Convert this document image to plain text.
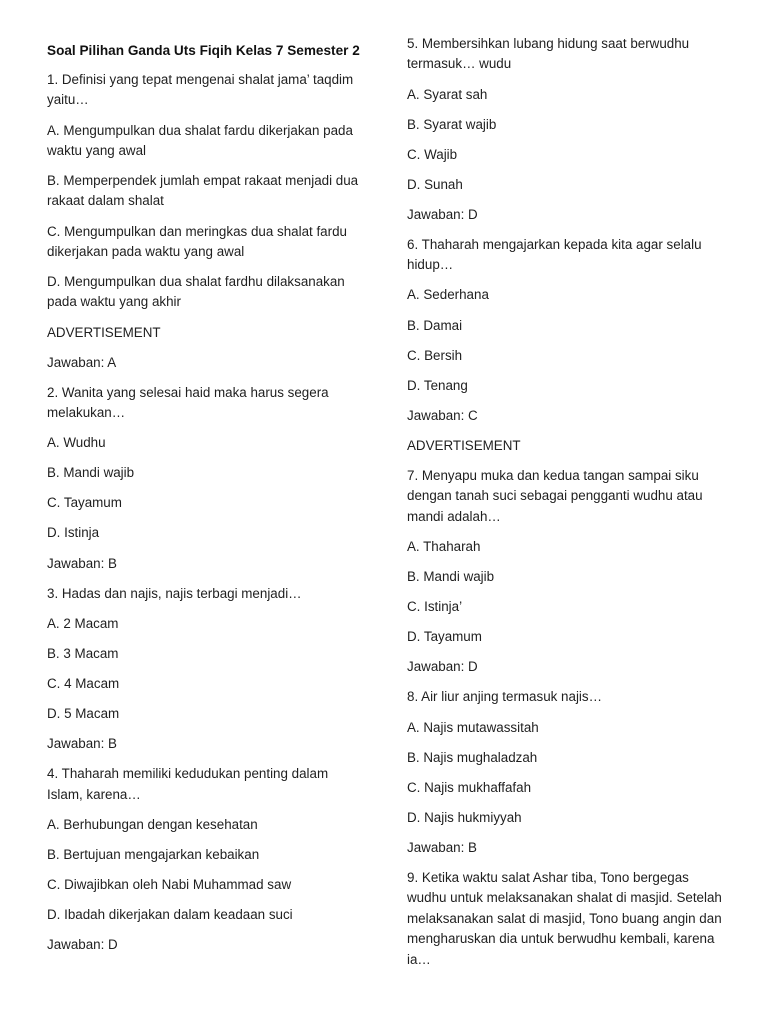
Soal Pilihan Ganda Uts Fiqih Kelas 7 Semester 2
1. Definisi yang tepat mengenai shalat jama’ taqdim yaitu…
A. Mengumpulkan dua shalat fardu dikerjakan pada waktu yang awal
B. Memperpendek jumlah empat rakaat menjadi dua rakaat dalam shalat
C. Mengumpulkan dan meringkas dua shalat fardu dikerjakan pada waktu yang awal
D. Mengumpulkan dua shalat fardhu dilaksanakan pada waktu yang akhir
ADVERTISEMENT
Jawaban: A
2. Wanita yang selesai haid maka harus segera melakukan…
A. Wudhu
B. Mandi wajib
C. Tayamum
D. Istinja
Jawaban: B
3. Hadas dan najis, najis terbagi menjadi…
A. 2 Macam
B. 3 Macam
C. 4 Macam
D. 5 Macam
Jawaban: B
4. Thaharah memiliki kedudukan penting dalam Islam, karena…
A. Berhubungan dengan kesehatan
B. Bertujuan mengajarkan kebaikan
C. Diwajibkan oleh Nabi Muhammad saw
D. Ibadah dikerjakan dalam keadaan suci
Jawaban: D
5. Membersihkan lubang hidung saat berwudhu termasuk… wudu
A. Syarat sah
B. Syarat wajib
C. Wajib
D. Sunah
Jawaban: D
6. Thaharah mengajarkan kepada kita agar selalu hidup…
A. Sederhana
B. Damai
C. Bersih
D. Tenang
Jawaban: C
ADVERTISEMENT
7. Menyapu muka dan kedua tangan sampai siku dengan tanah suci sebagai pengganti wudhu atau mandi adalah…
A. Thaharah
B. Mandi wajib
C. Istinja’
D. Tayamum
Jawaban: D
8. Air liur anjing termasuk najis…
A. Najis mutawassitah
B. Najis mughaladzah
C. Najis mukhaffafah
D. Najis hukmiyyah
Jawaban: B
9. Ketika waktu salat Ashar tiba, Tono bergegas wudhu untuk melaksanakan shalat di masjid. Setelah melaksanakan salat di masjid, Tono buang angin dan mengharuskan dia untuk berwudhu kembali, karena ia…
